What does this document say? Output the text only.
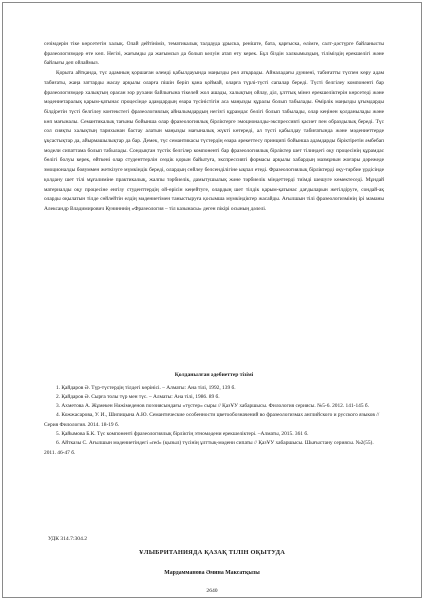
сезімдерін тіке көрсететін халық. Олай дейтініміз, тематикалық талдауда ұрыска, реніште, бата, қарғыска, өлімге, салт-дәстүрге байланысты фразеологизмдер өте көп. Негізі, жағымды да жағымсыз да болып келуін атап өту керек. Бұл біздін халкымыздың, тіліміздің ерекшелігі және байлығы деп ойлаймыз.

Қорыта айтқанда, түс адамның қоршаған әлемді қабылдауында маңызды рөл атқарады. Айналадағы дүниені, табиғатты түспен көру адам табиғаты, жаңа заттарды жасау арқылы оларға пішін беріп қана қоймай, оларға түрлі-түсті сапалар береді. Түсті белгілеу компоненті бар фразеологизмдер халықтың орасан зор рухани байлығына тікелей жол ашады, халықтың ойлау, діл, ұлттық мінез ерекшеліктерін көрсетеді және мәдениетаралық қарым-қатынас процесінде адамдардың өзара түсіністігін аса маңызды құралы болып табылады. Өмірлік маңызды ұғымдарды білдіретін түсті белгілеу контекстегі фразеологиялық айналымдардың негізгі құрамдас бөлігі болып табылады, олар кеңінен қолданылады және көп мағыналы. Семантикалық тағыны бойынша олар фразеологиялық бірліктерге эмоционалды-экспрессивті қасиет пен образдылық береді. Түс сол сияқты халықтың тарихынан бастау алатын маңызды мағыналық жүкті көтереді, ал түсті қабылдау табиғатында және мәдениеттерде ұқсастықтар да, айырмашылықтар да бар. Демек, түс семантикасы түстердің өзара әрекеттесу принципі бойынша адамдарды біріктіретін әмбебап модели сипаттама болып табылады. Сондықтан түстік белгілер компоненті бар фразеологиялық бірліктер шет тілиндегі оқу процесінің құрамдас бөлігі болуы керек, өйткені олар студенттерлін сөздік қорын байытуға, экспрессивті формасы арқылы хабардың мазмұнын жоғары дәрежеде эмоционалды бояуммен жеткізуге мүмкіндік береді, олардың сөйлеу белсенділігіне ықпал етеді. Фразеологиялық бірліктерді оқу-тәрбие үрдісінде қолдану шет тілі мұғалиміне практикалық, жалпы тәрбиелік, дамытушылық және тәрбиелік міндеттерді тиімді шешуге көмектеседі. Мұндай материалды оқу процесіне енгізу студенттердің ой-өрісін кеңейтуге, олардың шет тілдік қарым-қатынас дағдыларын жетілдіруге, сондай-ақ оларды оқылатын тілде сөйлейтін елдің мәдениетімен таныстыруға қосымша мүмкіндіктер жасайды. Ағылшын тілі фразеологизмінің ірі маманы Александр Владимирович Кунинннің «Фразеология – тіл казынасы» деген пікірі осының дәлелі.

Қолданылған әдебиеттер тізімі

1. Қайдаров Ә. Түр-түстердің тілдегі көрінісі. – Алматы: Ана тілі, 1992, 139 б.

2. Қайдаров Ә. Сырға толы түр мен түс. – Алматы: Ана тілі, 1986. 89 б.

3. Ахметова А. Жұмекен Нәжімеденов поэзиясындағы «түстер» сыры // ҚазҰУ хабаршысы. Филология сериясы. №5-6. 2012. 141-145 б.

4. Кожжасарова, У. И., Шипицына А.Ю. Семантические особенности цветообозначений во фразеологизмах английского и русского языков // Серия Филология. 2014. 18-19 б.

5. Қайымова Б.К. Түс компоненті фразеологиялық бірліктің этномәдени ерекшеліктері. –Алматы, 2015. 361 б.

6. Айтказы С. Ағылшын мәдениетіндегі «red» (қызыл) түсінің ұлттық-мәдени сипаты // ҚазҰУ хабаршысы. Шығыстану сериясы. №2(55). 2011. 46-47 б.

УДК 314.7:304.2
ҰЛЫБРИТАНИЯДА ҚАЗАҚ ТІЛІН ОҚЫТУДА
Мардамманова Әмина Максатқызы
2640
